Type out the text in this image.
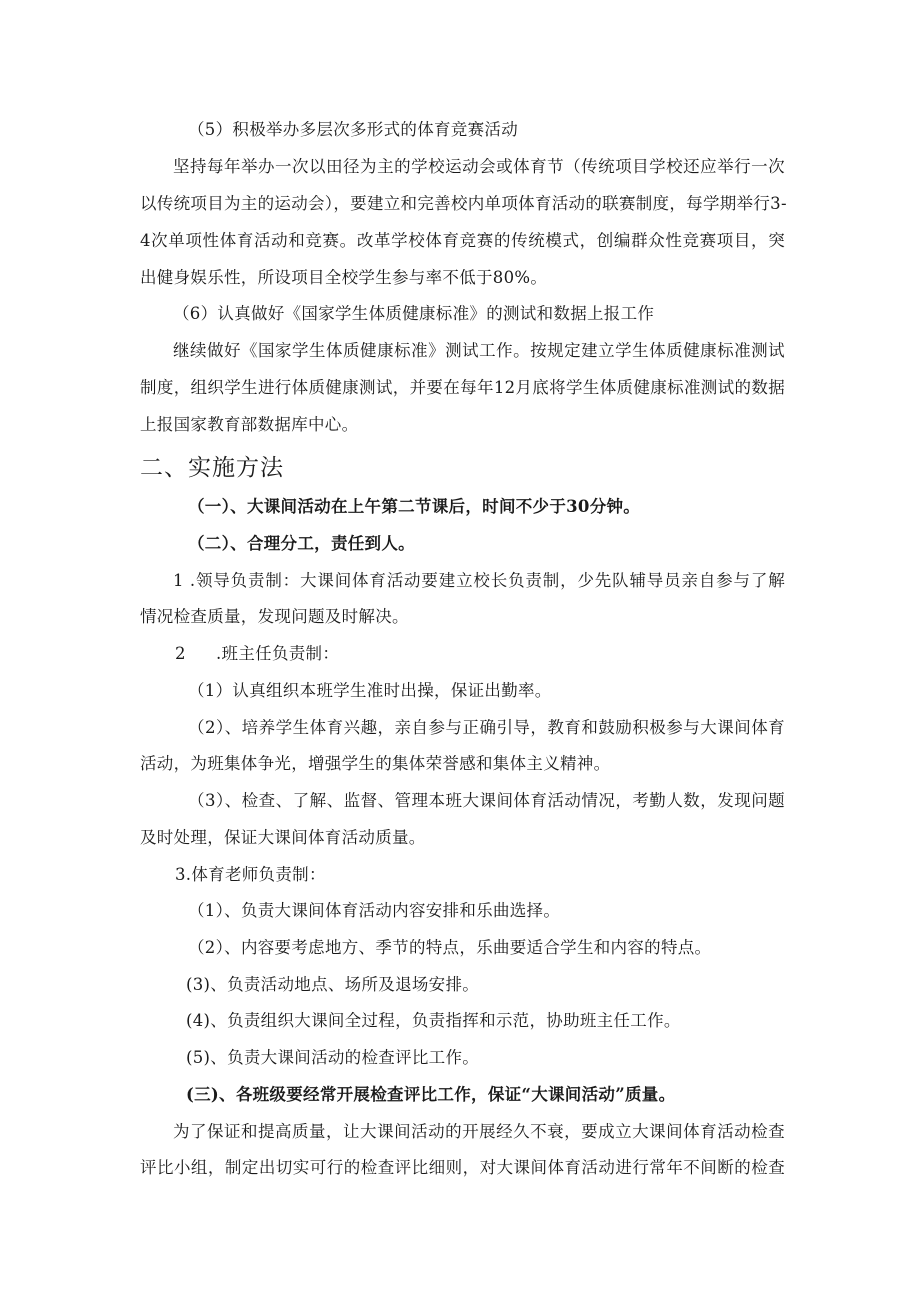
（5）积极举办多层次多形式的体育竞赛活动
坚持每年举办一次以田径为主的学校运动会或体育节（传统项目学校还应举行一次
以传统项目为主的运动会），要建立和完善校内单项体育活动的联赛制度，每学期举行3-
4次单项性体育活动和竞赛。改革学校体育竞赛的传统模式，创编群众性竞赛项目，突
出健身娱乐性，所设项目全校学生参与率不低于80%。
（6）认真做好《国家学生体质健康标准》的测试和数据上报工作
继续做好《国家学生体质健康标准》测试工作。按规定建立学生体质健康标准测试
制度，组织学生进行体质健康测试，并要在每年12月底将学生体质健康标准测试的数据
上报国家教育部数据库中心。
二、实施方法
（一）、大课间活动在上午第二节课后，时间不少于30分钟。
（二）、合理分工，责任到人。
1 .领导负责制：大课间体育活动要建立校长负责制，少先队辅导员亲自参与了解
情况检查质量，发现问题及时解决。
2 .班主任负责制：
（1）认真组织本班学生准时出操，保证出勤率。
（2）、培养学生体育兴趣，亲自参与正确引导，教育和鼓励积极参与大课间体育
活动，为班集体争光，增强学生的集体荣誉感和集体主义精神。
（3）、检查、了解、监督、管理本班大课间体育活动情况，考勤人数，发现问题
及时处理，保证大课间体育活动质量。
3.体育老师负责制：
（1）、负责大课间体育活动内容安排和乐曲选择。
（2）、内容要考虑地方、季节的特点，乐曲要适合学生和内容的特点。
(3)、负责活动地点、场所及退场安排。
(4)、负责组织大课间全过程，负责指挥和示范，协助班主任工作。
(5)、负责大课间活动的检查评比工作。
(三)、各班级要经常开展检查评比工作，保证“大课间活动”质量。
为了保证和提高质量，让大课间活动的开展经久不衰，要成立大课间体育活动检查
评比小组，制定出切实可行的检查评比细则，对大课间体育活动进行常年不间断的检查
